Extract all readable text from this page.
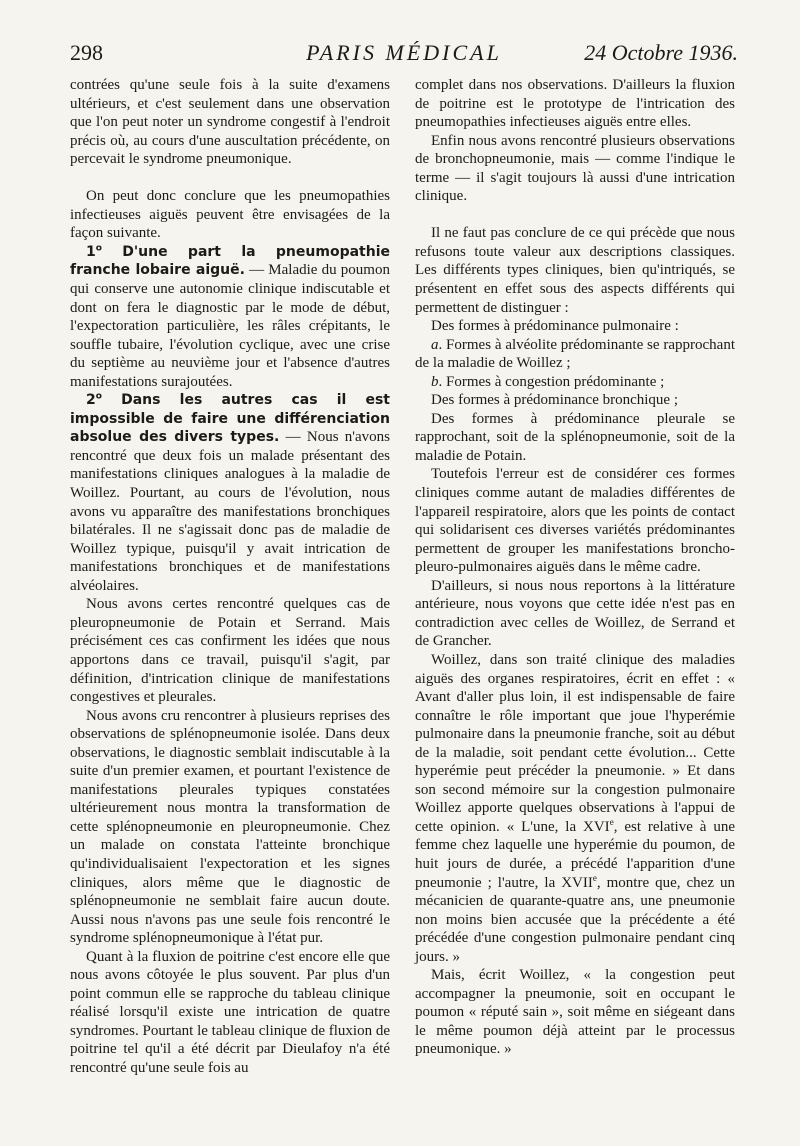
298	PARIS MÉDICAL	24 Octobre 1936.

contrées qu'une seule fois à la suite d'examens ultérieurs, et c'est seulement dans une observation que l'on peut noter un syndrome congestif à l'endroit précis où, au cours d'une auscultation précédente, on percevait le syndrome pneumonique.

On peut donc conclure que les pneumopathies infectieuses aiguës peuvent être envisagées de la façon suivante.

1$^o$ D'une part la pneumopathie franche lobaire aiguë. — Maladie du poumon qui conserve une autonomie clinique indiscutable et dont on fera le diagnostic par le mode de début, l'expectoration particulière, les râles crépitants, le souffle tubaire, l'évolution cyclique, avec une crise du septième au neuvième jour et l'absence d'autres manifestations surajoutées.

2$^o$ Dans les autres cas il est impossible de faire une différenciation absolue des divers types. — Nous n'avons rencontré que deux fois un malade présentant des manifestations cliniques analogues à la maladie de Woillez. Pourtant, au cours de l'évolution, nous avons vu apparaître des manifestations bronchiques bilatérales. Il ne s'agissait donc pas de maladie de Woillez typique, puisqu'il y avait intrication de manifestations bronchiques et de manifestations alvéolaires.

Nous avons certes rencontré quelques cas de pleuropneumonie de Potain et Serrand. Mais précisément ces cas confirment les idées que nous apportons dans ce travail, puisqu'il s'agit, par définition, d'intrication clinique de manifestations congestives et pleurales.

Nous avons cru rencontrer à plusieurs reprises des observations de splénopneumonie isolée. Dans deux observations, le diagnostic semblait indiscutable à la suite d'un premier examen, et pourtant l'existence de manifestations pleurales typiques constatées ultérieurement nous montra la transformation de cette splénopneumonie en pleuropneumonie. Chez un malade on constata l'atteinte bronchique qu'individualisaient l'expectoration et les signes cliniques, alors même que le diagnostic de splénopneumonie ne semblait faire aucun doute. Aussi nous n'avons pas une seule fois rencontré le syndrome splénopneumonique à l'état pur.

Quant à la fluxion de poitrine c'est encore elle que nous avons côtoyée le plus souvent. Par plus d'un point commun elle se rapproche du tableau clinique réalisé lorsqu'il existe une intrication de quatre syndromes. Pourtant le tableau clinique de fluxion de poitrine tel qu'il a été décrit par Dieulafoy n'a été rencontré qu'une seule fois au

complet dans nos observations. D'ailleurs la fluxion de poitrine est le prototype de l'intrication des pneumopathies infectieuses aiguës entre elles.

Enfin nous avons rencontré plusieurs observations de bronchopneumonie, mais — comme l'indique le terme — il s'agit toujours là aussi d'une intrication clinique.

Il ne faut pas conclure de ce qui précède que nous refusons toute valeur aux descriptions classiques. Les différents types cliniques, bien qu'intriqués, se présentent en effet sous des aspects différents qui permettent de distinguer :

Des formes à prédominance pulmonaire :

a. Formes à alvéolite prédominante se rapprochant de la maladie de Woillez ;

b. Formes à congestion prédominante ;

Des formes à prédominance bronchique ;

Des formes à prédominance pleurale se rapprochant, soit de la splénopneumonie, soit de la maladie de Potain.

Toutefois l'erreur est de considérer ces formes cliniques comme autant de maladies différentes de l'appareil respiratoire, alors que les points de contact qui solidarisent ces diverses variétés prédominantes permettent de grouper les manifestations broncho-pleuro-pulmonaires aiguës dans le même cadre.

D'ailleurs, si nous nous reportons à la littérature antérieure, nous voyons que cette idée n'est pas en contradiction avec celles de Woillez, de Serrand et de Grancher.

Woillez, dans son traité clinique des maladies aiguës des organes respiratoires, écrit en effet : « Avant d'aller plus loin, il est indispensable de faire connaître le rôle important que joue l'hyperémie pulmonaire dans la pneumonie franche, soit au début de la maladie, soit pendant cette évolution... Cette hyperémie peut précéder la pneumonie. » Et dans son second mémoire sur la congestion pulmonaire Woillez apporte quelques observations à l'appui de cette opinion. « L'une, la XVIe, est relative à une femme chez laquelle une hyperémie du poumon, de huit jours de durée, a précédé l'apparition d'une pneumonie ; l'autre, la XVIIe, montre que, chez un mécanicien de quarante-quatre ans, une pneumonie non moins bien accusée que la précédente a été précédée d'une congestion pulmonaire pendant cinq jours. »

Mais, écrit Woillez, « la congestion peut accompagner la pneumonie, soit en occupant le poumon « réputé sain », soit même en siégeant dans le même poumon déjà atteint par le processus pneumonique. »
